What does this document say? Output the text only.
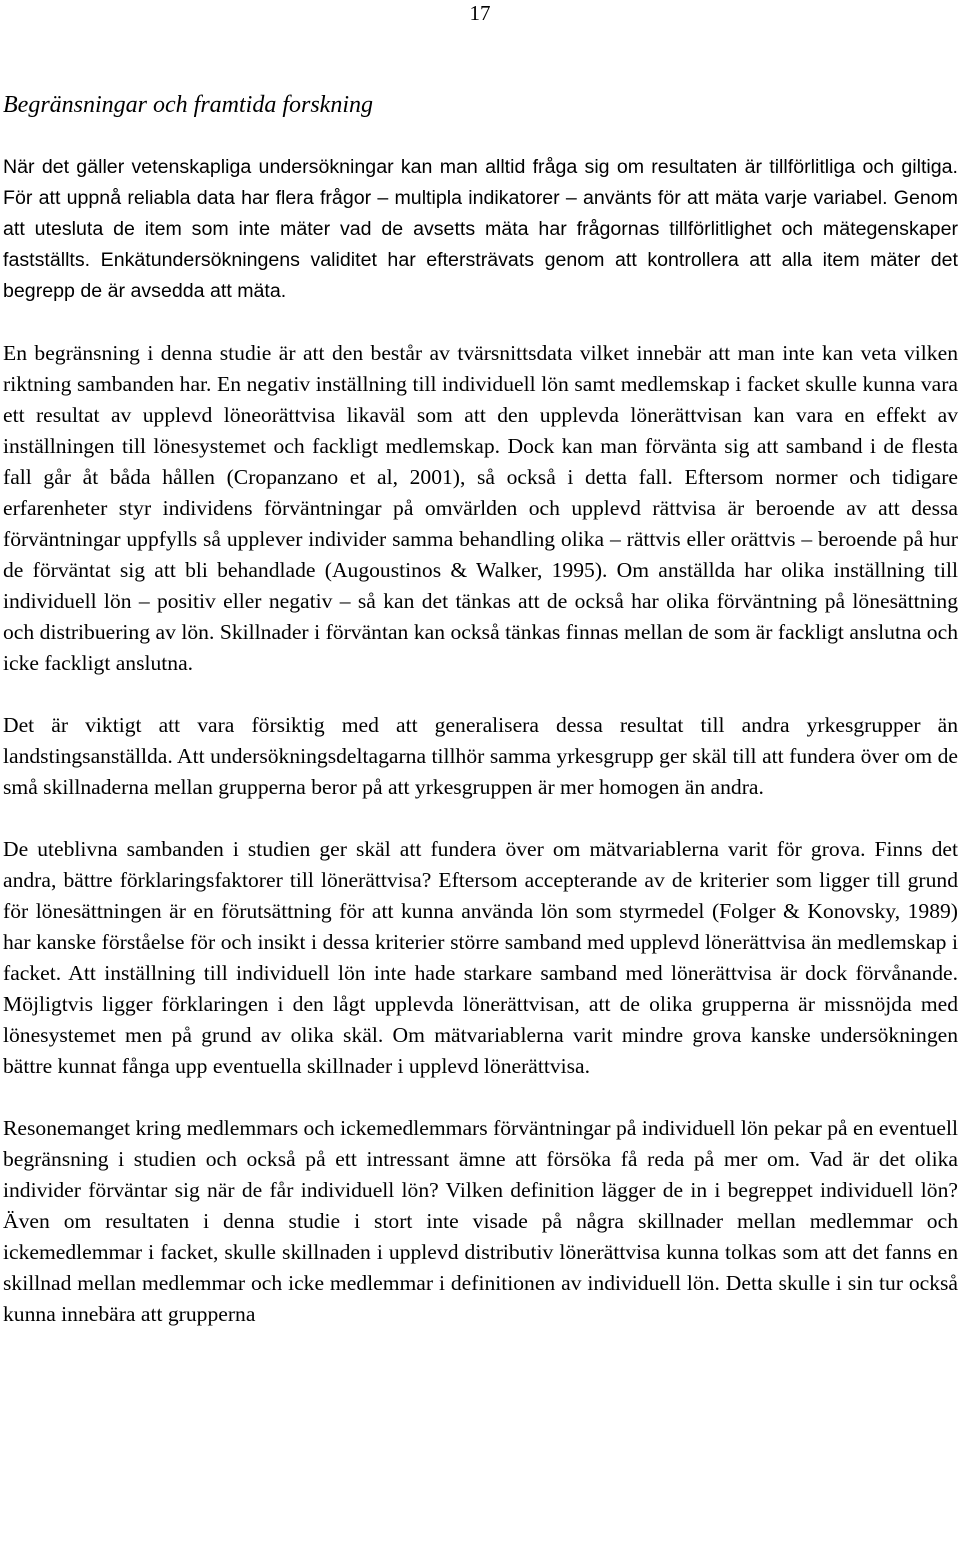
17
Begränsningar och framtida forskning

När det gäller vetenskapliga undersökningar kan man alltid fråga sig om resultaten är tillförlitliga och giltiga. För att uppnå reliabla data har flera frågor – multipla indikatorer – använts för att mäta varje variabel. Genom att utesluta de item som inte mäter vad de avsetts mäta har frågornas tillförlitlighet och mätegenskaper fastställts. Enkätundersökningens validitet har eftersträvats genom att kontrollera att alla item mäter det begrepp de är avsedda att mäta.

En begränsning i denna studie är att den består av tvärsnittsdata vilket innebär att man inte kan veta vilken riktning sambanden har. En negativ inställning till individuell lön samt medlemskap i facket skulle kunna vara ett resultat av upplevd löneorättvisa likaväl som att den upplevda lönerättvisan kan vara en effekt av inställningen till lönesystemet och fackligt medlemskap. Dock kan man förvänta sig att samband i de flesta fall går åt båda hållen (Cropanzano et al, 2001), så också i detta fall. Eftersom normer och tidigare erfarenheter styr individens förväntningar på omvärlden och upplevd rättvisa är beroende av att dessa förväntningar uppfylls så upplever individer samma behandling olika – rättvis eller orättvis – beroende på hur de förväntat sig att bli behandlade (Augoustinos & Walker, 1995). Om anställda har olika inställning till individuell lön – positiv eller negativ – så kan det tänkas att de också har olika förväntning på lönesättning och distribuering av lön. Skillnader i förväntan kan också tänkas finnas mellan de som är fackligt anslutna och icke fackligt anslutna.

Det är viktigt att vara försiktig med att generalisera dessa resultat till andra yrkesgrupper än landstingsanställda. Att undersökningsdeltagarna tillhör samma yrkesgrupp ger skäl till att fundera över om de små skillnaderna mellan grupperna beror på att yrkesgruppen är mer homogen än andra.

De uteblivna sambanden i studien ger skäl att fundera över om mätvariablerna varit för grova. Finns det andra, bättre förklaringsfaktorer till lönerättvisa? Eftersom accepterande av de kriterier som ligger till grund för lönesättningen är en förutsättning för att kunna använda lön som styrmedel (Folger & Konovsky, 1989) har kanske förståelse för och insikt i dessa kriterier större samband med upplevd lönerättvisa än medlemskap i facket. Att inställning till individuell lön inte hade starkare samband med lönerättvisa är dock förvånande. Möjligtvis ligger förklaringen i den lågt upplevda lönerättvisan, att de olika grupperna är missnöjda med lönesystemet men på grund av olika skäl. Om mätvariablerna varit mindre grova kanske undersökningen bättre kunnat fånga upp eventuella skillnader i upplevd lönerättvisa.

Resonemanget kring medlemmars och ickemedlemmars förväntningar på individuell lön pekar på en eventuell begränsning i studien och också på ett intressant ämne att försöka få reda på mer om. Vad är det olika individer förväntar sig när de får individuell lön? Vilken definition lägger de in i begreppet individuell lön? Även om resultaten i denna studie i stort inte visade på några skillnader mellan medlemmar och ickemedlemmar i facket, skulle skillnaden i upplevd distributiv lönerättvisa kunna tolkas som att det fanns en skillnad mellan medlemmar och icke medlemmar i definitionen av individuell lön. Detta skulle i sin tur också kunna innebära att grupperna
